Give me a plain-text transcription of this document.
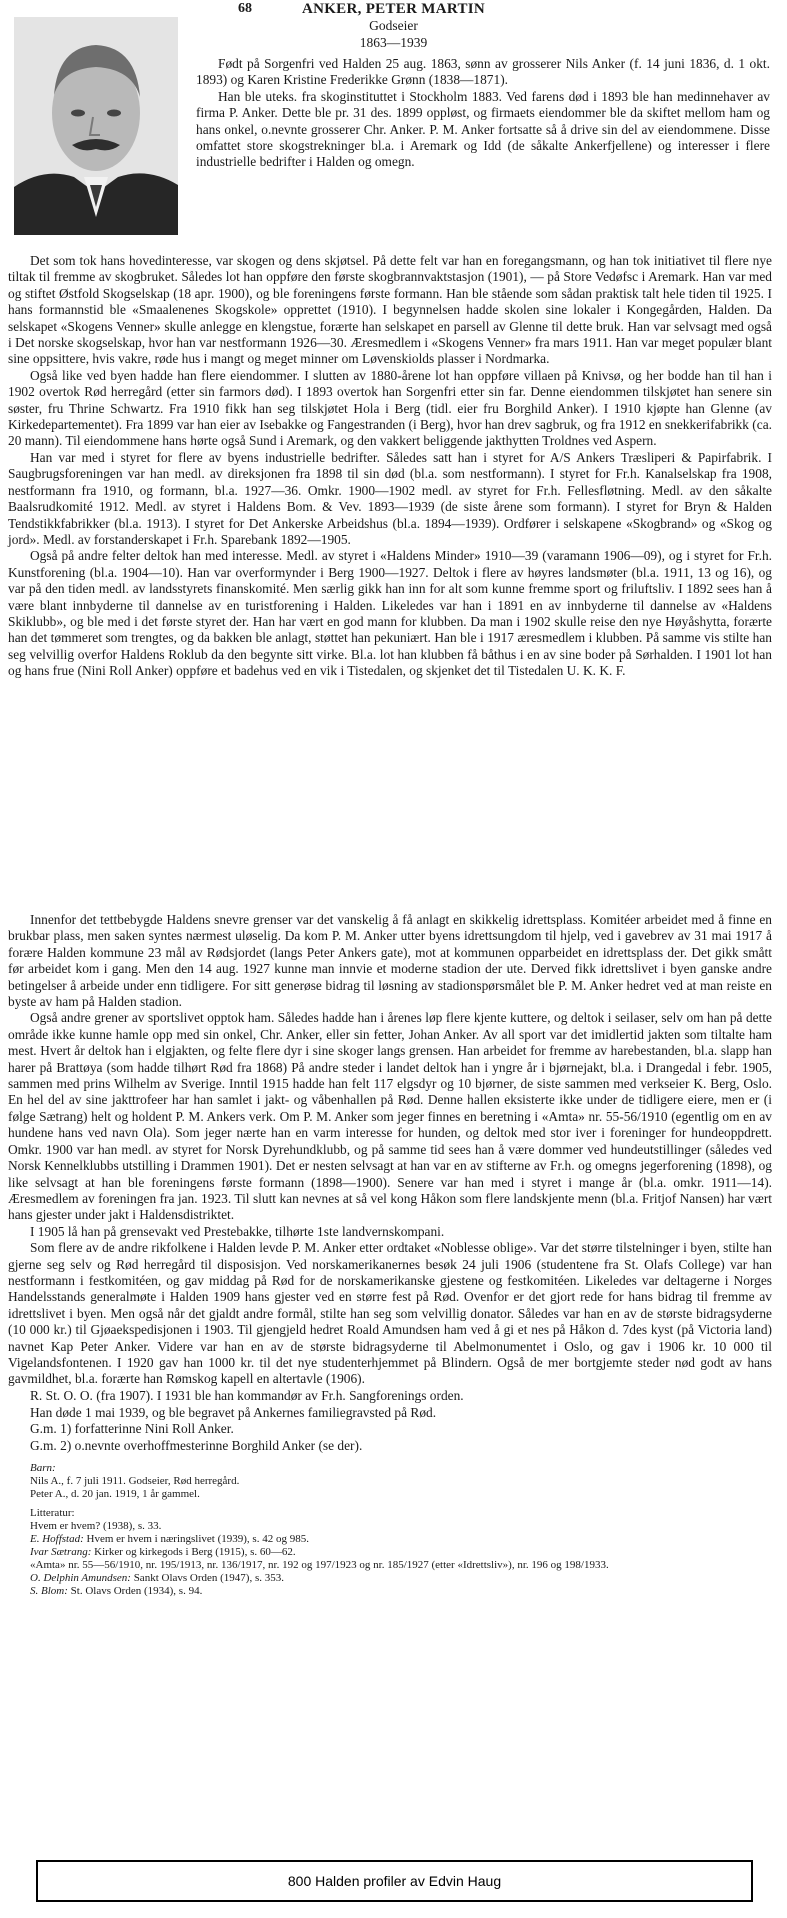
68	ANKER, PETER MARTIN
Godseier
1863—1939

Født på Sorgenfri ved Halden 25 aug. 1863, sønn av grosserer Nils Anker (f. 14 juni 1836, d. 1 okt. 1893) og Karen Kristine Frederikke Grønn (1838—1871).

Han ble uteks. fra skoginstituttet i Stockholm 1883. Ved farens død i 1893 ble han medinnehaver av firma P. Anker. Dette ble pr. 31 des. 1899 oppløst, og firmaets eiendommer ble da skiftet mellom ham og hans onkel, o.nevnte grosserer Chr. Anker. P. M. Anker fortsatte så å drive sin del av eiendommene. Disse omfattet store skogstrekninger bl.a. i Aremark og Idd (de såkalte Ankerfjellene) og interesser i flere industrielle bedrifter i Halden og omegn.

Det som tok hans hovedinteresse, var skogen og dens skjøtsel. På dette felt var han en foregangsmann, og han tok initiativet til flere nye tiltak til fremme av skogbruket. Således lot han oppføre den første skogbrannvaktstasjon (1901), — på Store Vedøfsc i Aremark. Han var med og stiftet Østfold Skogselskap (18 apr. 1900), og ble foreningens første formann. Han ble stående som sådan praktisk talt hele tiden til 1925. I hans formannstid ble «Smaalenenes Skogskole» opprettet (1910). I begynnelsen hadde skolen sine lokaler i Kongegården, Halden. Da selskapet «Skogens Venner» skulle anlegge en klengstue, forærte han selskapet en parsell av Glenne til dette bruk. Han var selvsagt med også i Det norske skogselskap, hvor han var nestformann 1926—30. Æresmedlem i «Skogens Venner» fra mars 1911. Han var meget populær blant sine oppsittere, hvis vakre, røde hus i mangt og meget minner om Løvenskiolds plasser i Nordmarka.

Også like ved byen hadde han flere eiendommer. I slutten av 1880-årene lot han oppføre villaen på Knivsø, og her bodde han til han i 1902 overtok Rød herregård (etter sin farmors død). I 1893 overtok han Sorgenfri etter sin far. Denne eiendommen tilskjøtet han senere sin søster, fru Thrine Schwartz. Fra 1910 fikk han seg tilskjøtet Hola i Berg (tidl. eier fru Borghild Anker). I 1910 kjøpte han Glenne (av Kirkedepartementet). Fra 1899 var han eier av Isebakke og Fangestranden (i Berg), hvor han drev sagbruk, og fra 1912 en snekkerifabrikk (ca. 20 mann). Til eiendommene hans hørte også Sund i Aremark, og den vakkert beliggende jakthytten Troldnes ved Aspern.

Han var med i styret for flere av byens industrielle bedrifter. Således satt han i styret for A/S Ankers Træsliperi & Papirfabrik. I Saugbrugsforeningen var han medl. av direksjonen fra 1898 til sin død (bl.a. som nestformann). I styret for Fr.h. Kanalselskap fra 1908, nestformann fra 1910, og formann, bl.a. 1927—36. Omkr. 1900—1902 medl. av styret for Fr.h. Fellesfløtning. Medl. av den såkalte Baalsrudkomité 1912. Medl. av styret i Haldens Bom. & Vev. 1893—1939 (de siste årene som formann). I styret for Bryn & Halden Tendstikkfabrikker (bl.a. 1913). I styret for Det Ankerske Arbeidshus (bl.a. 1894—1939). Ordfører i selskapene «Skogbrand» og «Skog og jord». Medl. av forstanderskapet i Fr.h. Sparebank 1892—1905.

Også på andre felter deltok han med interesse. Medl. av styret i «Haldens Minder» 1910—39 (varamann 1906—09), og i styret for Fr.h. Kunstforening (bl.a. 1904—10). Han var overformynder i Berg 1900—1927. Deltok i flere av høyres landsmøter (bl.a. 1911, 13 og 16), og var på den tiden medl. av landsstyrets finanskomité. Men særlig gikk han inn for alt som kunne fremme sport og friluftsliv. I 1892 sees han å være blant innbyderne til dannelse av en turistforening i Halden. Likeledes var han i 1891 en av innbyderne til dannelse av «Haldens Skiklubb», og ble med i det første styret der. Han har vært en god mann for klubben. Da man i 1902 skulle reise den nye Høyåshytta, forærte han det tømmeret som trengtes, og da bakken ble anlagt, støttet han pekuniært. Han ble i 1917 æresmedlem i klubben. På samme vis stilte han seg velvillig overfor Haldens Roklub da den begynte sitt virke. Bl.a. lot han klubben få båthus i en av sine boder på Sørhalden. I 1901 lot han og hans frue (Nini Roll Anker) oppføre et badehus ved en vik i Tistedalen, og skjenket det til Tistedalen U. K. K. F.

Innenfor det tettbebygde Haldens snevre grenser var det vanskelig å få anlagt en skikkelig idrettsplass. Komitéer arbeidet med å finne en brukbar plass, men saken syntes nærmest uløselig. Da kom P. M. Anker utter byens idrettsungdom til hjelp, ved i gavebrev av 31 mai 1917 å forære Halden kommune 23 mål av Rødsjordet (langs Peter Ankers gate), mot at kommunen opparbeidet en idrettsplass der. Det gikk smått før arbeidet kom i gang. Men den 14 aug. 1927 kunne man innvie et moderne stadion der ute. Derved fikk idrettslivet i byen ganske andre betingelser å arbeide under enn tidligere. For sitt generøse bidrag til løsning av stadionspørsmålet ble P. M. Anker hedret ved at man reiste en byste av ham på Halden stadion.

Også andre grener av sportslivet opptok ham. Således hadde han i årenes løp flere kjente kuttere, og deltok i seilaser, selv om han på dette område ikke kunne hamle opp med sin onkel, Chr. Anker, eller sin fetter, Johan Anker. Av all sport var det imidlertid jakten som tiltalte ham mest. Hvert år deltok han i elgjakten, og felte flere dyr i sine skoger langs grensen. Han arbeidet for fremme av harebestanden, bl.a. slapp han harer på Brattøya (som hadde tilhørt Rød fra 1868) På andre steder i landet deltok han i yngre år i bjørnejakt, bl.a. i Drangedal i febr. 1905, sammen med prins Wilhelm av Sverige. Inntil 1915 hadde han felt 117 elgsdyr og 10 bjørner, de siste sammen med verkseier K. Berg, Oslo. En hel del av sine jakttrofeer har han samlet i jakt- og våbenhallen på Rød. Denne hallen eksisterte ikke under de tidligere eiere, men er (i følge Sætrang) helt og holdent P. M. Ankers verk. Om P. M. Anker som jeger finnes en beretning i «Amta» nr. 55-56/1910 (egentlig om en av hundene hans ved navn Ola). Som jeger nærte han en varm interesse for hunden, og deltok med stor iver i foreninger for hundeoppdrett. Omkr. 1900 var han medl. av styret for Norsk Dyrehundklubb, og på samme tid sees han å være dommer ved hundeutstillinger (således ved Norsk Kennelklubbs utstilling i Drammen 1901). Det er nesten selvsagt at han var en av stifterne av Fr.h. og omegns jegerforening (1898), og like selvsagt at han ble foreningens første formann (1898—1900). Senere var han med i styret i mange år (bl.a. omkr. 1911—14). Æresmedlem av foreningen fra jan. 1923. Til slutt kan nevnes at så vel kong Håkon som flere landskjente menn (bl.a. Fritjof Nansen) har vært hans gjester under jakt i Haldensdistriktet.

I 1905 lå han på grensevakt ved Prestebakke, tilhørte 1ste landvernskompani.

Som flere av de andre rikfolkene i Halden levde P. M. Anker etter ordtaket «Noblesse oblige». Var det større tilstelninger i byen, stilte han gjerne seg selv og Rød herregård til disposisjon. Ved norskamerikanernes besøk 24 juli 1906 (studentene fra St. Olafs College) var han nestformann i festkomitéen, og gav middag på Rød for de norskamerikanske gjestene og festkomitéen. Likeledes var deltagerne i Norges Handelsstands generalmøte i Halden 1909 hans gjester ved en større fest på Rød. Ovenfor er det gjort rede for hans bidrag til fremme av idrettslivet i byen. Men også når det gjaldt andre formål, stilte han seg som velvillig donator. Således var han en av de største bidragsyderne (10 000 kr.) til Gjøaekspedisjonen i 1903. Til gjengjeld hedret Roald Amundsen ham ved å gi et nes på Håkon d. 7des kyst (på Victoria land) navnet Kap Peter Anker. Videre var han en av de største bidragsyderne til Abelmonumentet i Oslo, og gav i 1906 kr. 10 000 til Vigelandsfontenen. I 1920 gav han 1000 kr. til det nye studenterhjemmet på Blindern. Også de mer bortgjemte steder nød godt av hans gavmildhet, bl.a. forærte han Rømskog kapell en altertavle (1906).

R. St. O. O. (fra 1907). I 1931 ble han kommandør av Fr.h. Sangforenings orden.
Han døde 1 mai 1939, og ble begravet på Ankernes familiegravsted på Rød.
G.m. 1) forfatterinne Nini Roll Anker.
G.m. 2) o.nevnte overhoffmesterinne Borghild Anker (se der).
Barn:
Nils A., f. 7 juli 1911. Godseier, Rød herregård.
Peter A., d. 20 jan. 1919, 1 år gammel.
Litteratur:
Hvem er hvem? (1938), s. 33.
E. Hoffstad: Hvem er hvem i næringslivet (1939), s. 42 og 985.
Ivar Sætrang: Kirker og kirkegods i Berg (1915), s. 60—62.
«Amta» nr. 55—56/1910, nr. 195/1913, nr. 136/1917, nr. 192 og 197/1923 og nr. 185/1927 (etter «Idrettsliv»), nr. 196 og 198/1933.
O. Delphin Amundsen: Sankt Olavs Orden (1947), s. 353.
S. Blom: St. Olavs Orden (1934), s. 94.
800 Halden profiler av Edvin Haug
